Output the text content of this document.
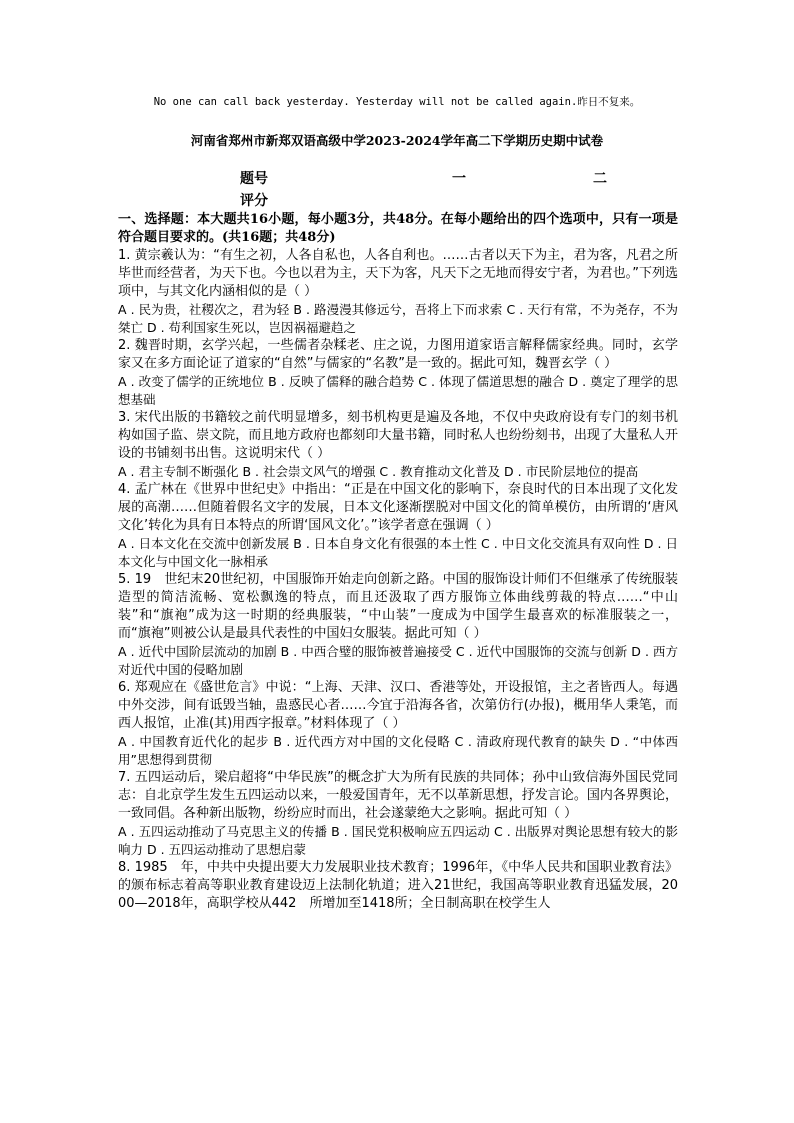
No one can call back yesterday. Yesterday will not be called again.昨日不复来。
河南省郑州市新郑双语高级中学2023-2024学年高二下学期历史期中试卷
题号
评分
一	二

一、选择题：本大题共16小题，每小题3分，共48分。在每小题给出的四个选项中，只有一项是符合题目要求的。(共16题；共48分)

1. 黄宗羲认为：“有生之初，人各自私也，人各自利也。……古者以天下为主，君为客，凡君之所毕世而经营者，为天下也。今也以君为主，天下为客，凡天下之无地而得安宁者，为君也。”下列选项中，与其文化内涵相似的是（ ）

A . 民为贵，社稷次之，君为轻 B . 路漫漫其修远兮，吾将上下而求索 C . 天行有常，不为尧存，不为桀亡 D . 苟利国家生死以，岂因祸福避趋之

2. 魏晋时期，玄学兴起，一些儒者杂糅老、庄之说，力图用道家语言解释儒家经典。同时，玄学家又在多方面论证了道家的“自然”与儒家的“名教”是一致的。据此可知，魏晋玄学（ ）

A . 改变了儒学的正统地位 B . 反映了儒释的融合趋势 C . 体现了儒道思想的融合 D . 奠定了理学的思想基础

3. 宋代出版的书籍较之前代明显增多，刻书机构更是遍及各地，不仅中央政府设有专门的刻书机构如国子监、崇文院，而且地方政府也都刻印大量书籍，同时私人也纷纷刻书，出现了大量私人开设的书铺刻书出售。这说明宋代（ ）

A . 君主专制不断强化 B . 社会崇文风气的增强 C . 教育推动文化普及 D . 市民阶层地位的提高

4. 孟广林在《世界中世纪史》中指出：“正是在中国文化的影响下，奈良时代的日本出现了文化发展的高潮……但随着假名文字的发展，日本文化逐渐摆脱对中国文化的简单模仿，由所谓的‘唐风文化’转化为具有日本特点的所谓‘国风文化’。”该学者意在强调（ ）

A . 日本文化在交流中创新发展 B . 日本自身文化有很强的本土性 C . 中日文化交流具有双向性 D . 日本文化与中国文化一脉相承

5. 19　世纪末20世纪初，中国服饰开始走向创新之路。中国的服饰设计师们不但继承了传统服装造型的简洁流畅、宽松飘逸的特点，而且还汲取了西方服饰立体曲线剪裁的特点……“中山装”和“旗袍”成为这一时期的经典服装，“中山装”一度成为中国学生最喜欢的标准服装之一，而“旗袍”则被公认是最具代表性的中国妇女服装。据此可知（ ）

A . 近代中国阶层流动的加剧 B . 中西合璧的服饰被普遍接受 C . 近代中国服饰的交流与创新 D . 西方对近代中国的侵略加剧

6. 郑观应在《盛世危言》中说：“上海、天津、汉口、香港等处，开设报馆，主之者皆西人。每遇中外交涉，间有诋毁当轴，蛊惑民心者……今宜于沿海各省，次第仿行(办报)，概用华人秉笔，而西人报馆，止准(其)用西字报章。”材料体现了（ ）

A . 中国教育近代化的起步 B . 近代西方对中国的文化侵略 C . 清政府现代教育的缺失 D . “中体西用”思想得到贯彻

7. 五四运动后，梁启超将“中华民族”的概念扩大为所有民族的共同体；孙中山致信海外国民党同志：自北京学生发生五四运动以来，一般爱国青年，无不以革新思想，抒发言论。国内各界舆论，一致同倡。各种新出版物，纷纷应时而出，社会遂蒙绝大之影响。据此可知（ ）

A . 五四运动推动了马克思主义的传播 B . 国民党积极响应五四运动 C . 出版界对舆论思想有较大的影响力 D . 五四运动推动了思想启蒙

8. 1985　年，中共中央提出要大力发展职业技术教育；1996年，《中华人民共和国职业教育法》的颁布标志着高等职业教育建设迈上法制化轨道；进入21世纪，我国高等职业教育迅猛发展，2000—2018年，高职学校从442　所增加至1418所；全日制高职在校学生人
